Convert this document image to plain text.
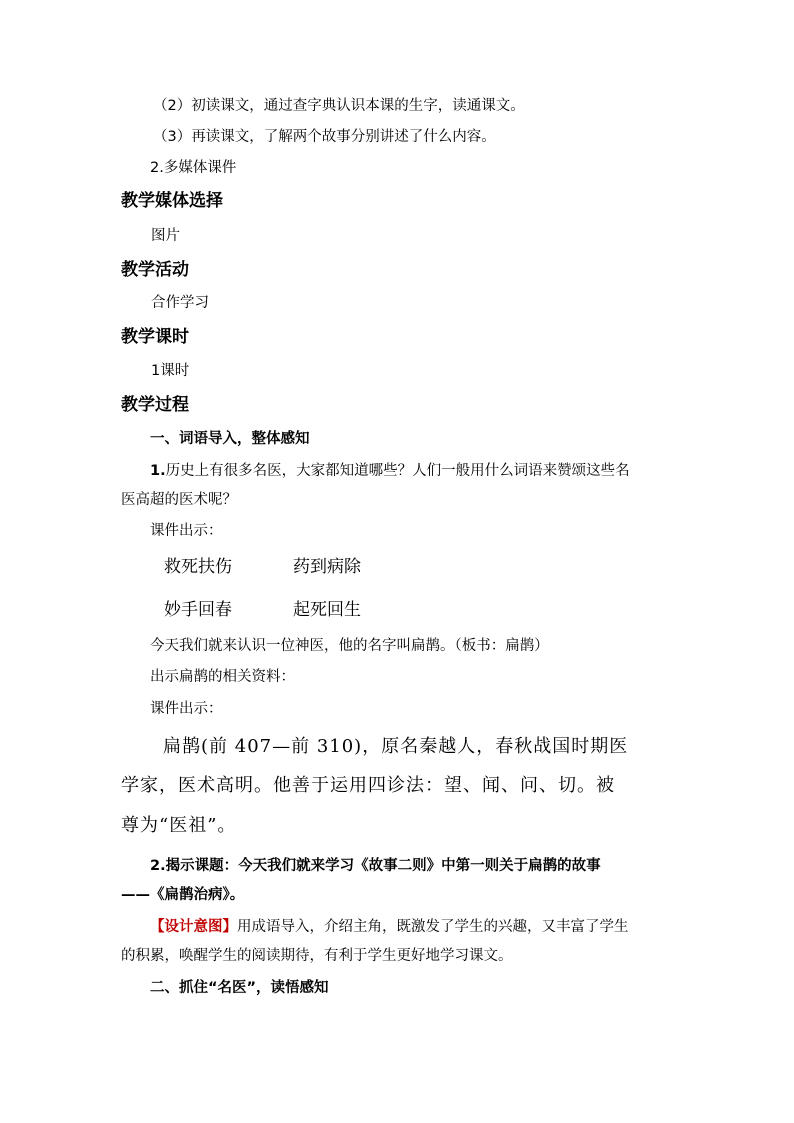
（2）初读课文，通过查字典认识本课的生字，读通课文。
（3）再读课文，了解两个故事分别讲述了什么内容。
2.多媒体课件
教学媒体选择
图片
教学活动
合作学习
教学课时
1课时
教学过程
一、词语导入，整体感知
1.历史上有很多名医，大家都知道哪些？人们一般用什么词语来赞颂这些名
医高超的医术呢？
课件出示：
救死扶伤	药到病除
妙手回春	起死回生
今天我们就来认识一位神医，他的名字叫扁鹊。（板书：扁鹊）
出示扁鹊的相关资料：
课件出示：
扁鹊(前 407—前 310)，原名秦越人，春秋战国时期医
学家，医术高明。他善于运用四诊法：望、闻、问、切。被
尊为“医祖”。
2.揭示课题：今天我们就来学习《故事二则》中第一则关于扁鹊的故事
——《扁鹊治病》。
【设计意图】用成语导入，介绍主角，既激发了学生的兴趣，又丰富了学生
的积累，唤醒学生的阅读期待，有利于学生更好地学习课文。
二、抓住“名医”，读悟感知
